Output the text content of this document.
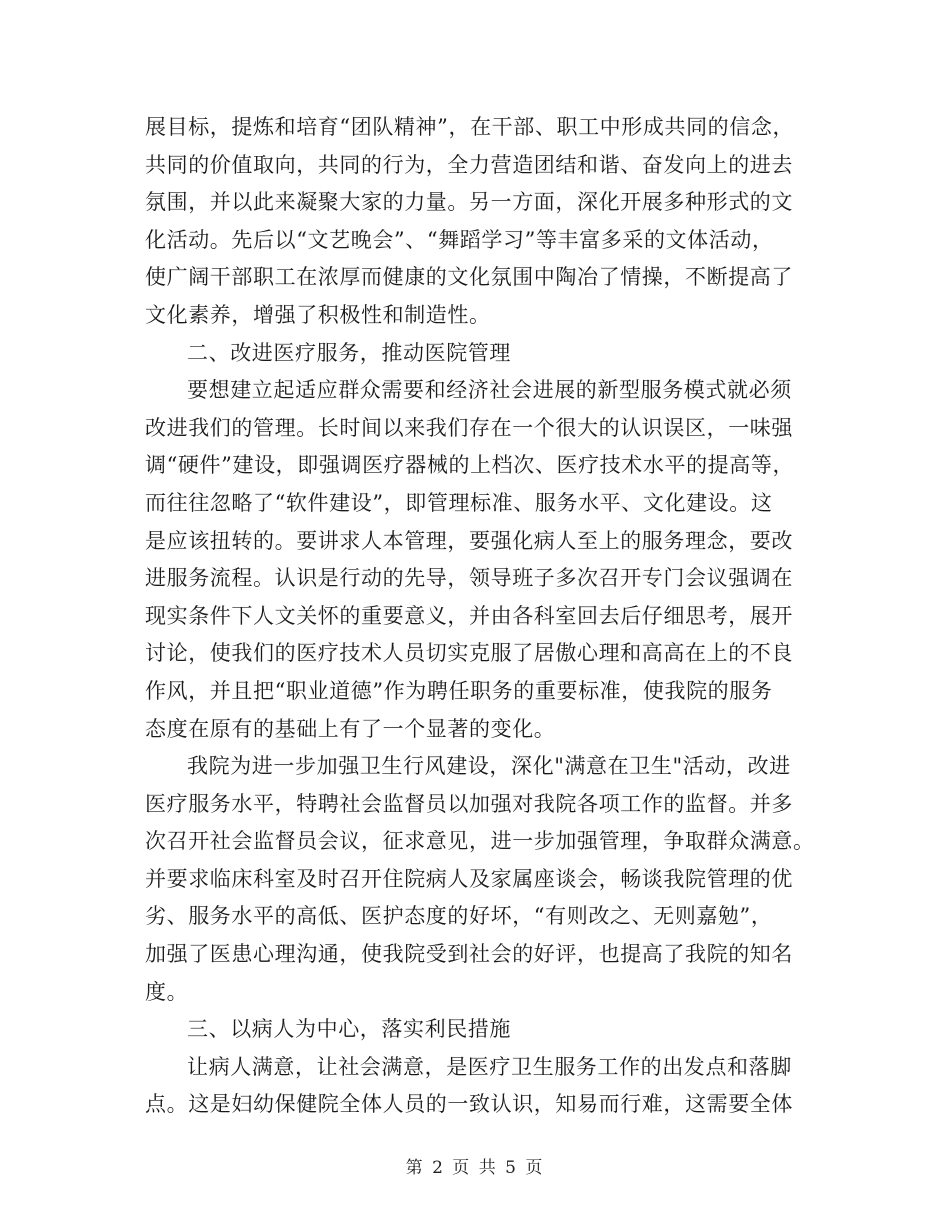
展目标，提炼和培育“团队精神”，在干部、职工中形成共同的信念，
共同的价值取向，共同的行为，全力营造团结和谐、奋发向上的进去
氛围，并以此来凝聚大家的力量。另一方面，深化开展多种形式的文
化活动。先后以“文艺晚会”、“舞蹈学习”等丰富多采的文体活动，
使广阔干部职工在浓厚而健康的文化氛围中陶冶了情操，不断提高了
文化素养，增强了积极性和制造性。
二、改进医疗服务，推动医院管理
要想建立起适应群众需要和经济社会进展的新型服务模式就必须
改进我们的管理。长时间以来我们存在一个很大的认识误区，一味强
调“硬件”建设，即强调医疗器械的上档次、医疗技术水平的提高等，
而往往忽略了“软件建设”，即管理标准、服务水平、文化建设。这
是应该扭转的。要讲求人本管理，要强化病人至上的服务理念，要改
进服务流程。认识是行动的先导，领导班子多次召开专门会议强调在
现实条件下人文关怀的重要意义，并由各科室回去后仔细思考，展开
讨论，使我们的医疗技术人员切实克服了居傲心理和高高在上的不良
作风，并且把“职业道德”作为聘任职务的重要标准，使我院的服务
态度在原有的基础上有了一个显著的变化。
我院为进一步加强卫生行风建设，深化"满意在卫生"活动，改进
医疗服务水平，特聘社会监督员以加强对我院各项工作的监督。并多
次召开社会监督员会议，征求意见，进一步加强管理，争取群众满意。
并要求临床科室及时召开住院病人及家属座谈会，畅谈我院管理的优
劣、服务水平的高低、医护态度的好坏，“有则改之、无则嘉勉”，
加强了医患心理沟通，使我院受到社会的好评，也提高了我院的知名
度。
三、以病人为中心，落实利民措施
让病人满意，让社会满意，是医疗卫生服务工作的出发点和落脚
点。这是妇幼保健院全体人员的一致认识，知易而行难，这需要全体
第 2 页 共 5 页
